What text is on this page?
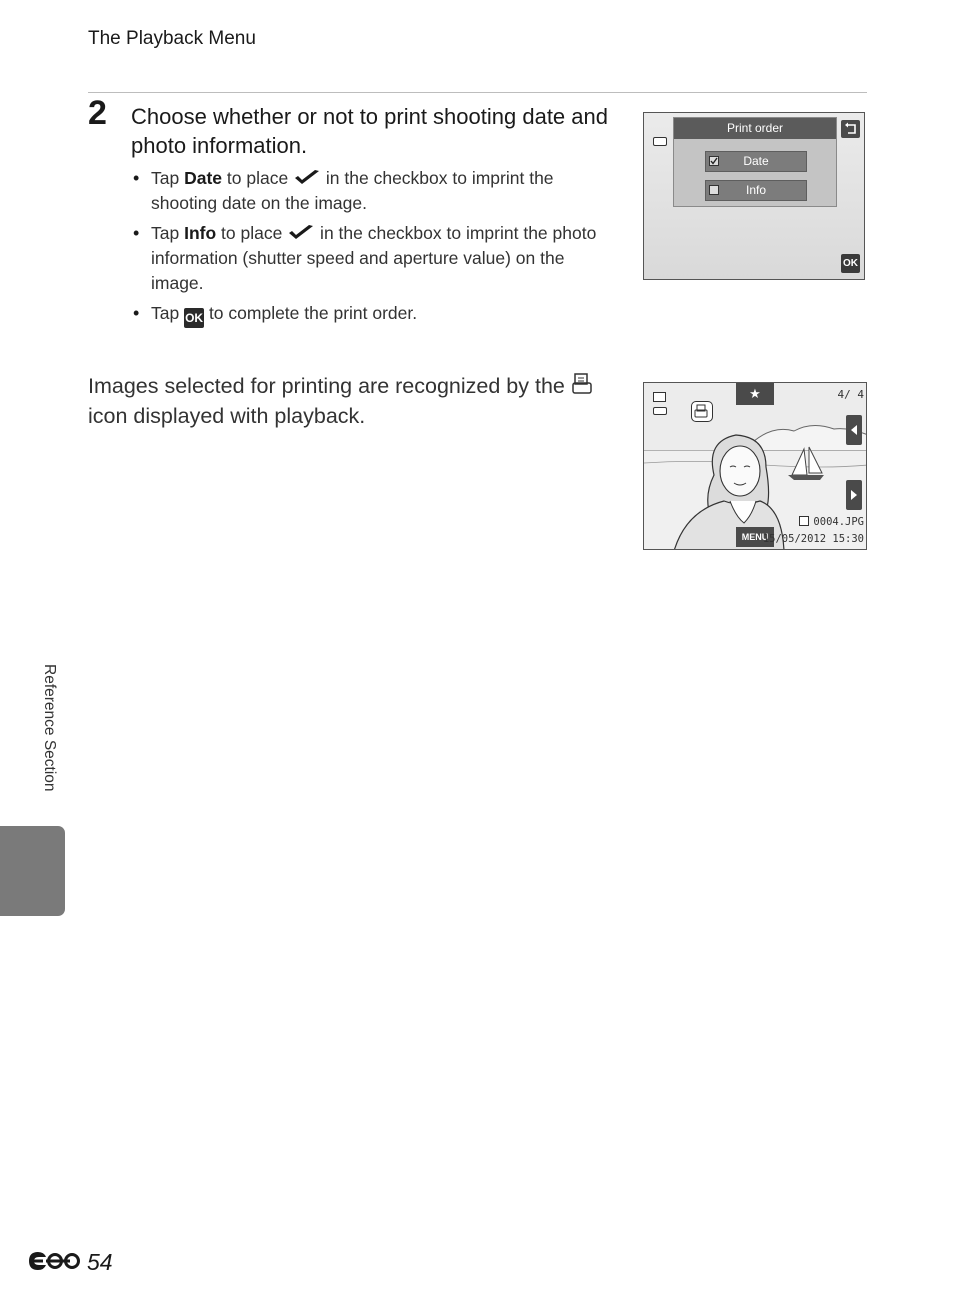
The Playback Menu
2 Choose whether or not to print shooting date and photo information.
• Tap Date to place  in the checkbox to imprint the shooting date on the image.
• Tap Info to place  in the checkbox to imprint the photo information (shutter speed and aperture value) on the image.
• Tap OK to complete the print order.
Images selected for printing are recognized by the  icon displayed with playback.
Print order
Date
Info
OK
★	4/ 4
MENU
0004.JPG
15/05/2012 15:30
Reference Section
54
